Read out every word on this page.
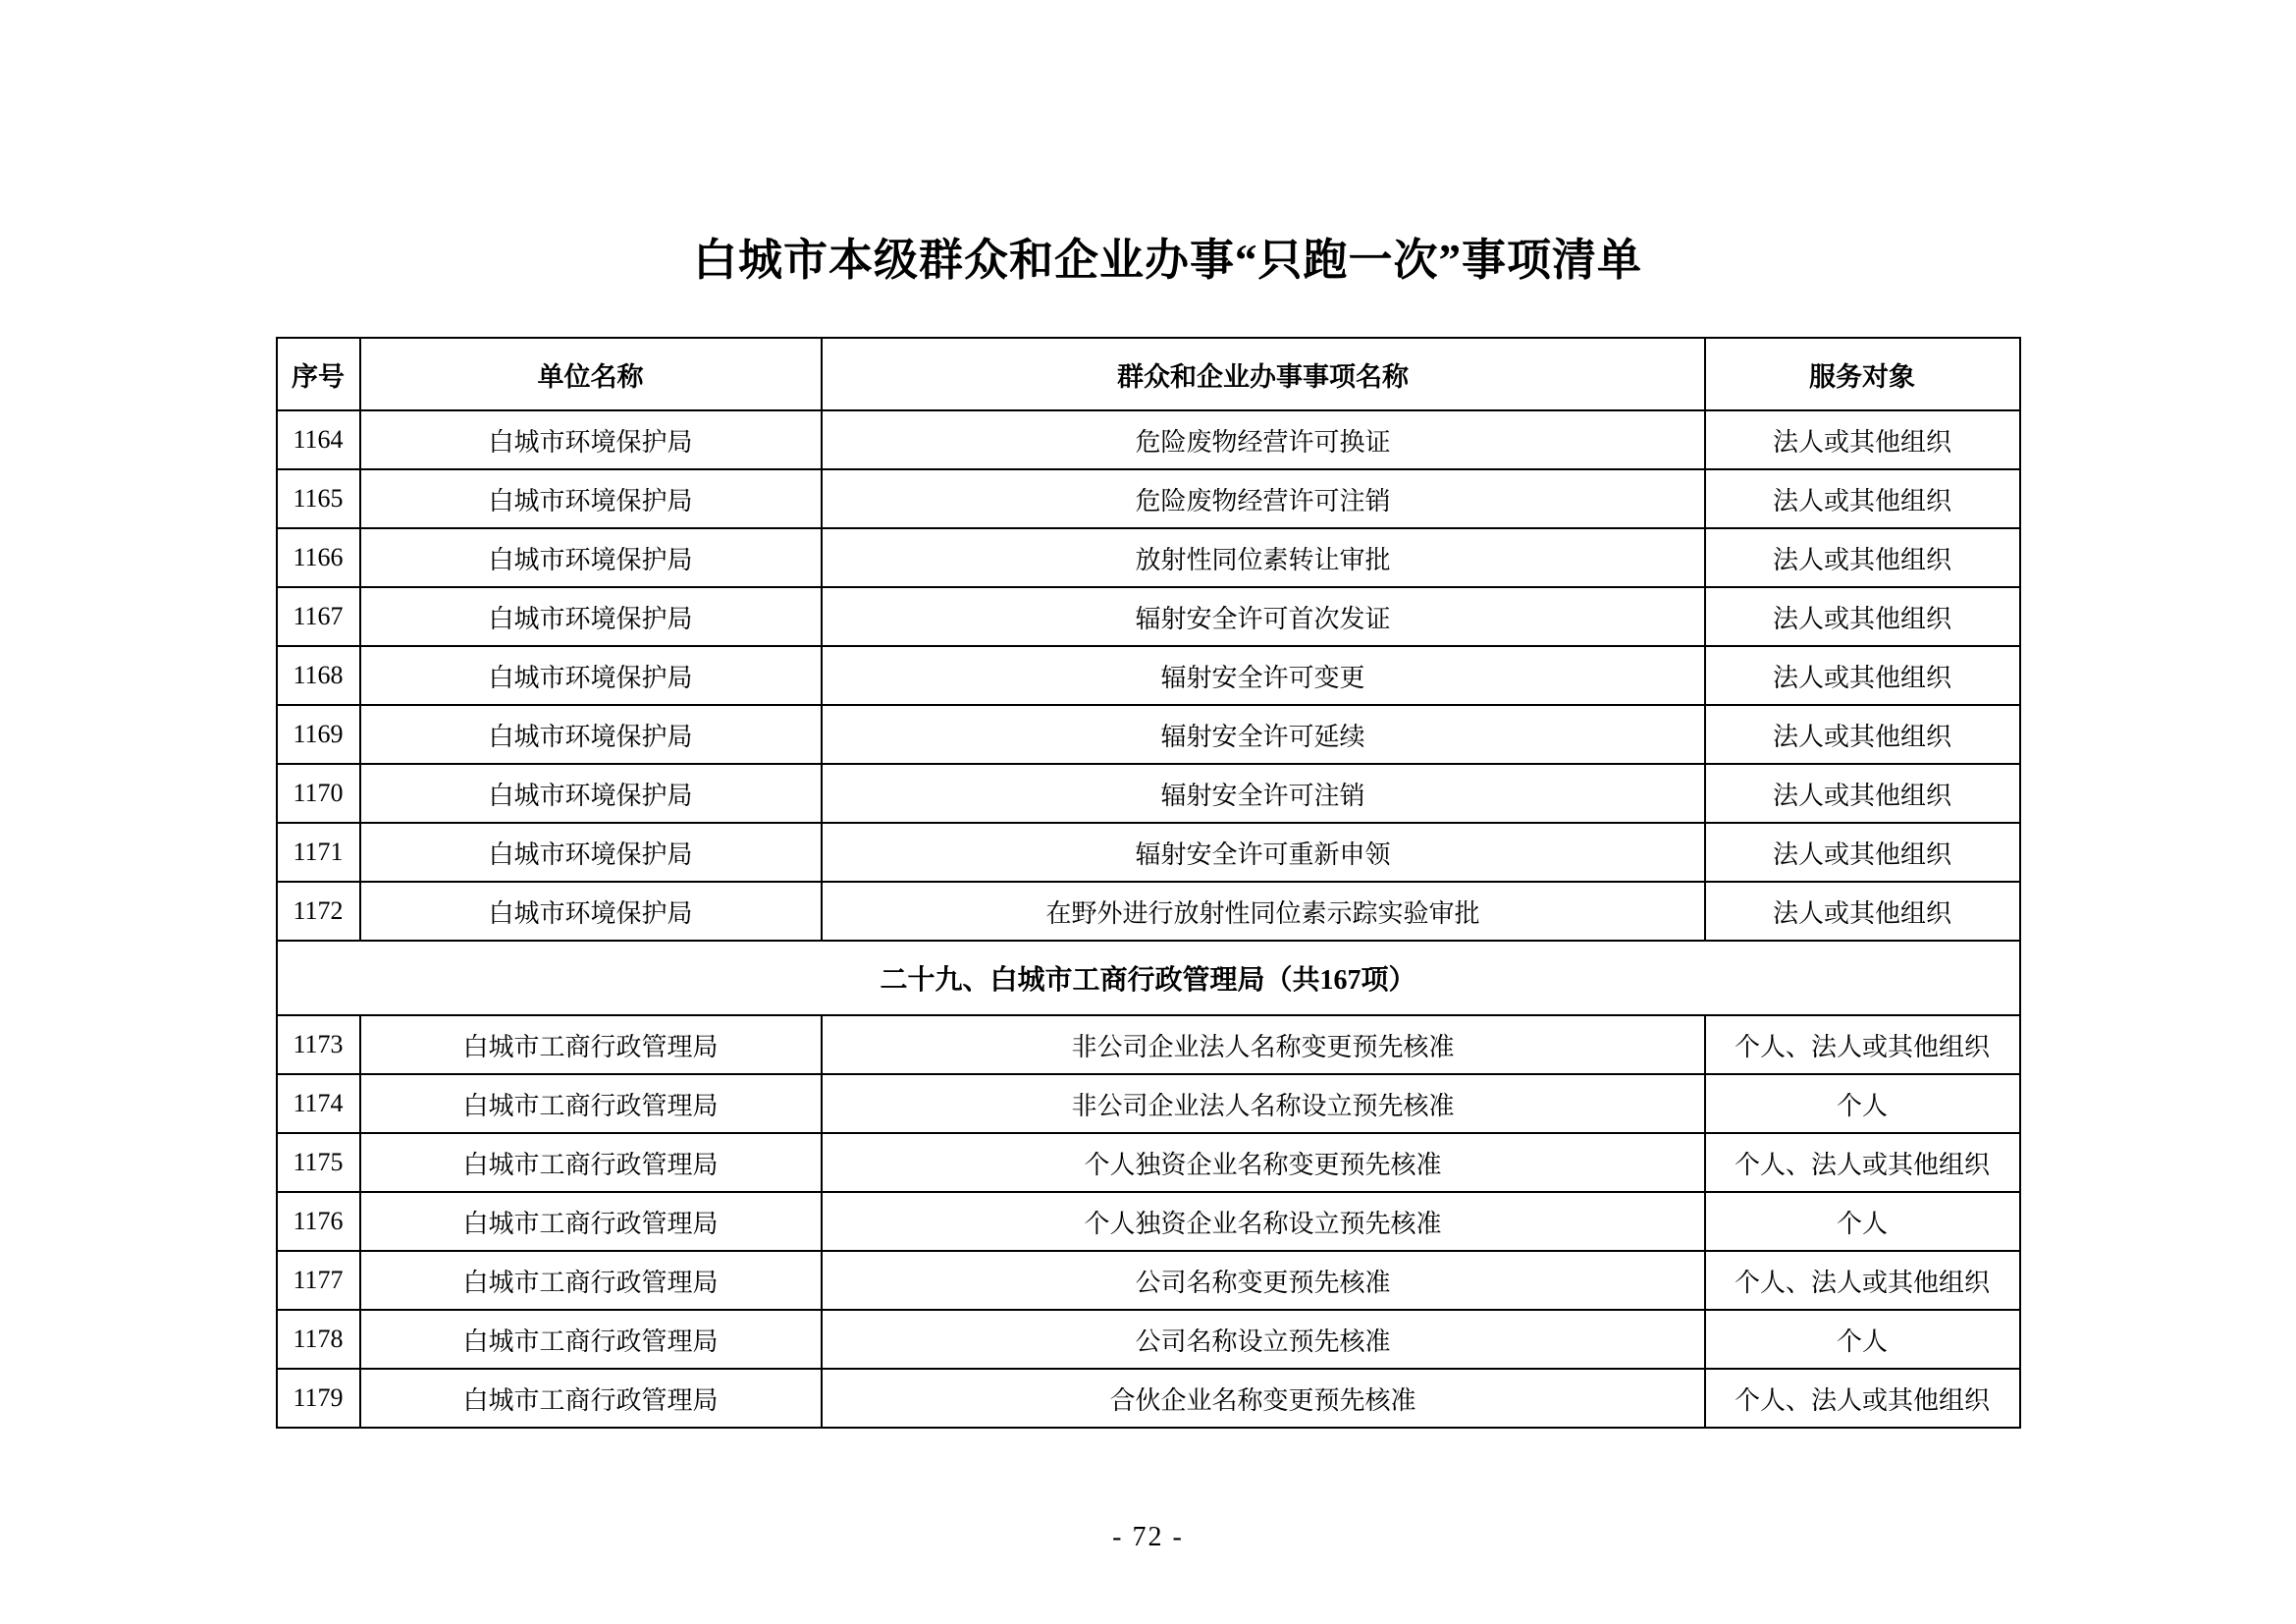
白城市本级群众和企业办事“只跑一次”事项清单
序号	单位名称	群众和企业办事事项名称	服务对象
1164	白城市环境保护局	危险废物经营许可换证	法人或其他组织
1165	白城市环境保护局	危险废物经营许可注销	法人或其他组织
1166	白城市环境保护局	放射性同位素转让审批	法人或其他组织
1167	白城市环境保护局	辐射安全许可首次发证	法人或其他组织
1168	白城市环境保护局	辐射安全许可变更	法人或其他组织
1169	白城市环境保护局	辐射安全许可延续	法人或其他组织
1170	白城市环境保护局	辐射安全许可注销	法人或其他组织
1171	白城市环境保护局	辐射安全许可重新申领	法人或其他组织
1172	白城市环境保护局	在野外进行放射性同位素示踪实验审批	法人或其他组织
二十九、白城市工商行政管理局（共167项）			
1173	白城市工商行政管理局	非公司企业法人名称变更预先核准	个人、法人或其他组织
1174	白城市工商行政管理局	非公司企业法人名称设立预先核准	个人
1175	白城市工商行政管理局	个人独资企业名称变更预先核准	个人、法人或其他组织
1176	白城市工商行政管理局	个人独资企业名称设立预先核准	个人
1177	白城市工商行政管理局	公司名称变更预先核准	个人、法人或其他组织
1178	白城市工商行政管理局	公司名称设立预先核准	个人
1179	白城市工商行政管理局	合伙企业名称变更预先核准	个人、法人或其他组织
- 72 -
